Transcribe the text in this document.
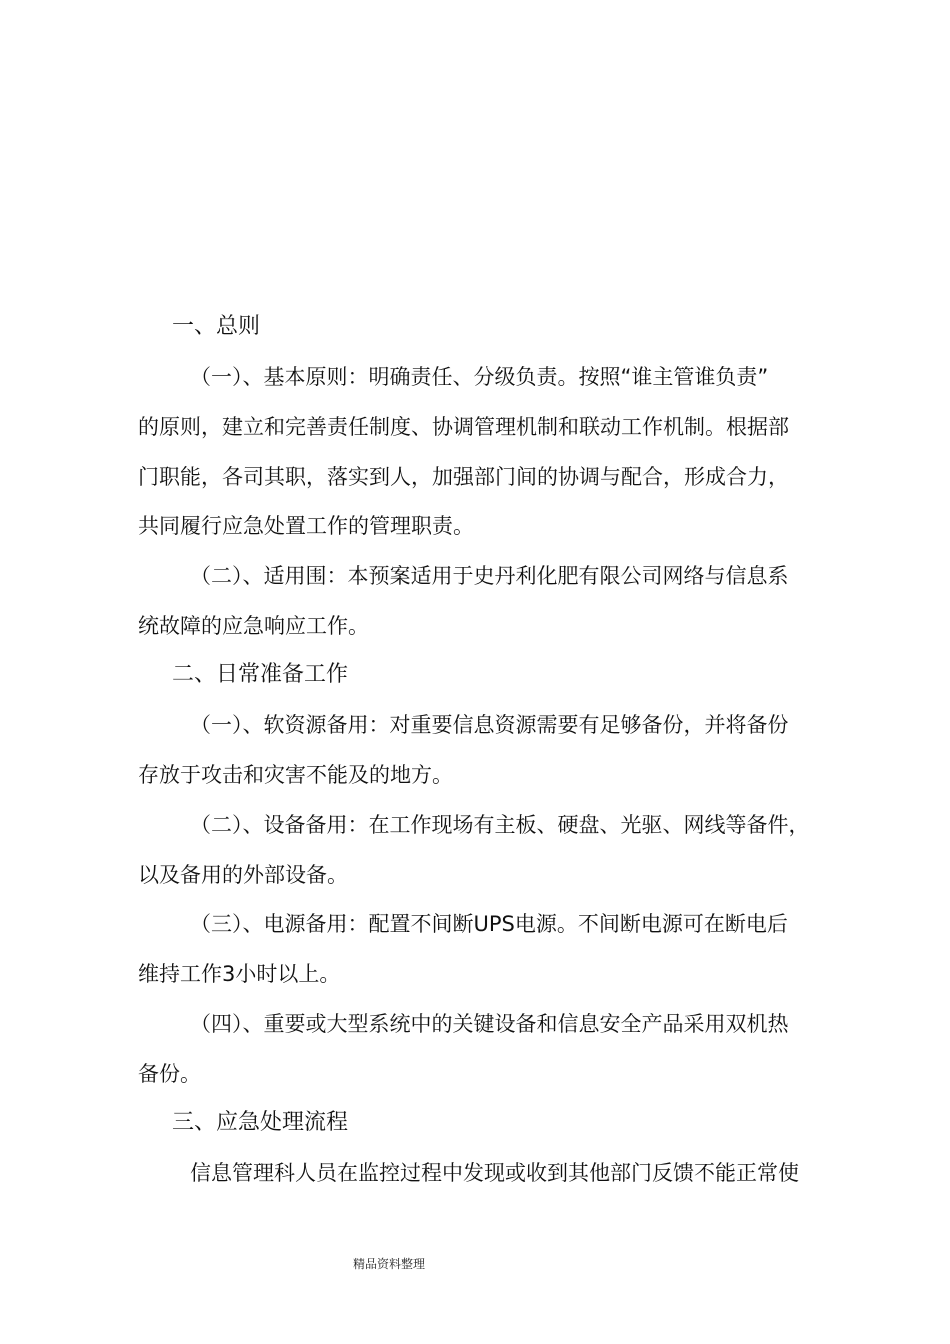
一、总则

（一）、基本原则：明确责任、分级负责。按照“谁主管谁负责”

的原则，建立和完善责任制度、协调管理机制和联动工作机制。根据部

门职能，各司其职，落实到人，加强部门间的协调与配合，形成合力，

共同履行应急处置工作的管理职责。

（二）、适用围：本预案适用于史丹利化肥有限公司网络与信息系

统故障的应急响应工作。

二、日常准备工作

（一）、软资源备用：对重要信息资源需要有足够备份，并将备份

存放于攻击和灾害不能及的地方。

（二）、设备备用：在工作现场有主板、硬盘、光驱、网线等备件，

以及备用的外部设备。

（三）、电源备用：配置不间断UPS电源。不间断电源可在断电后

维持工作3小时以上。

（四）、重要或大型系统中的关键设备和信息安全产品采用双机热

备份。

三、应急处理流程

信息管理科人员在监控过程中发现或收到其他部门反馈不能正常使

精品资料整理
